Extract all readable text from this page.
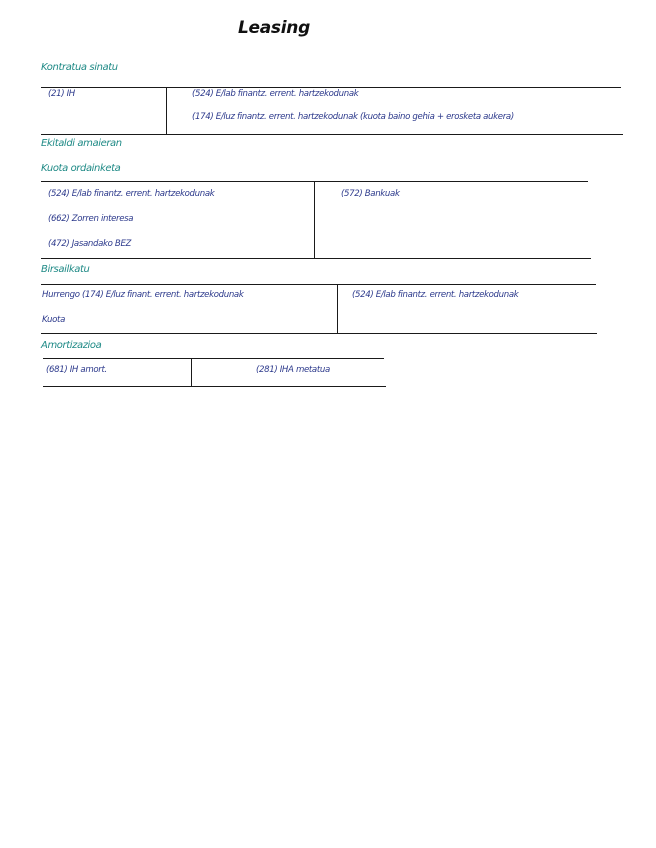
Leasing
Kontratua sinatu
(21) IH	(524) E/lab finantz. errent. hartzekodunak
(174) E/luz finantz. errent. hartzekodunak (kuota baino gehia + erosketa aukera)
Ekitaldi amaieran
Kuota ordainketa
(524) E/lab finantz. errent. hartzekodunak
(662) Zorren interesa
(472) Jasandako BEZ
(572) Bankuak
Birsailkatu
Hurrengo (174) E/luz finant. errent. hartzekodunak
Kuota
(524) E/lab finantz. errent. hartzekodunak
Amortizazioa
(681) IH amort.	(281) IHA metatua
